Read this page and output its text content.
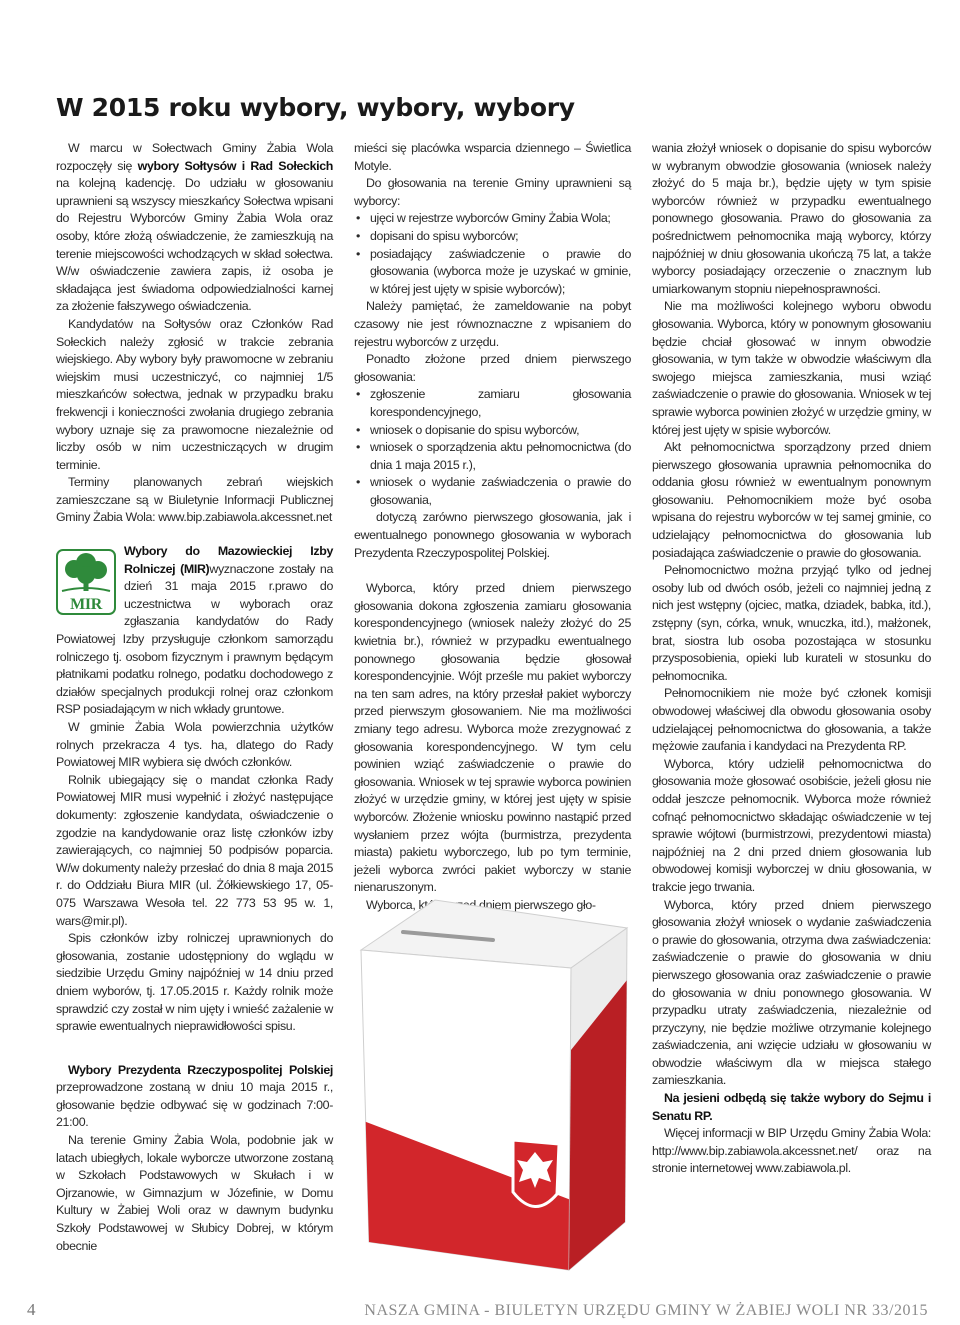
W 2015 roku wybory, wybory, wybory

W marcu w Sołectwach Gminy Żabia Wola rozpoczęły się wybory Sołtysów i Rad Sołeckich na kolejną kadencję. Do udziału w głosowaniu uprawnieni są wszyscy mieszkańcy Sołectwa wpisani do Rejestru Wyborców Gminy Żabia Wola oraz osoby, które złożą oświadczenie, że zamieszkują na terenie miejscowości wchodzących w skład sołectwa. W/w oświadczenie zawiera zapis, iż osoba je składająca jest świadoma odpowiedzialności karnej za złożenie fałszywego oświadczenia.

Kandydatów na Sołtysów oraz Członków Rad Sołeckich należy zgłosić w trakcie zebrania wiejskiego. Aby wybory były prawomocne w zebraniu wiejskim musi uczestniczyć, co najmniej 1/5 mieszkańców sołectwa, jednak w przypadku braku frekwencji i konieczności zwołania drugiego zebrania wybory uznaje się za prawomocne niezależnie od liczby osób w nim uczestniczących w drugim terminie.

Terminy planowanych zebrań wiejskich zamieszczane są w Biuletynie Informacji Publicznej Gminy Żabia Wola: www.bip.zabiawola.akcessnet.net

MIR

Wybory do Mazowieckiej Izby Rolniczej (MIR)wyznaczone zostały na dzień 31 maja 2015 r.prawo do uczestnictwa w wyborach oraz zgłaszania kandydatów do Rady Powiatowej Izby przysługuje członkom samorządu rolniczego tj. osobom fizycznym i prawnym będącym płatnikami podatku rolnego, podatku dochodowego z działów specjalnych produkcji rolnej oraz członkom RSP posiadającym w nich wkłady gruntowe.

W gminie Żabia Wola powierzchnia użytków rolnych przekracza 4 tys. ha, dlatego do Rady Powiatowej MIR wybiera się dwóch członków.

Rolnik ubiegający się o mandat członka Rady Powiatowej MIR musi wypełnić i złożyć następujące dokumenty: zgłoszenie kandydata, oświadczenie o zgodzie na kandydowanie oraz listę członków izby zawierających, co najmniej 50 podpisów poparcia. W/w dokumenty należy przesłać do dnia 8 maja 2015 r. do Oddziału Biura MIR (ul. Żółkiewskiego 17, 05-075 Warszawa Wesoła tel. 22 773 53 95 w. 1, wars@mir.pl).

Spis członków izby rolniczej uprawnionych do głosowania, zostanie udostępniony do wglądu w siedzibie Urzędu Gminy najpóźniej w 14 dniu przed dniem wyborów, tj. 17.05.2015 r. Każdy rolnik może sprawdzić czy został w nim ujęty i wnieść zażalenie w sprawie ewentualnych nieprawidłowości spisu.

Wybory Prezydenta Rzeczypospolitej Polskiej przeprowadzone zostaną w dniu 10 maja 2015 r., głosowanie będzie odbywać się w godzinach 7:00- 21:00.

Na terenie Gminy Żabia Wola, podobnie jak w latach ubiegłych, lokale wyborcze utworzone zostaną w Szkołach Podstawowych w Skułach i w Ojrzanowie, w Gimnazjum w Józefinie, w Domu Kultury w Żabiej Woli oraz w dawnym budynku Szkoły Podstawowej w Słubicy Dobrej, w którym obecnie

mieści się placówka wsparcia dziennego – Świetlica Motyle.

Do głosowania na terenie Gminy uprawnieni są wyborcy:

• ujęci w rejestrze wyborców Gminy Żabia Wola;
• dopisani do spisu wyborców;
• posiadający zaświadczenie o prawie do głosowania (wyborca może je uzyskać w gminie, w której jest ujęty w spisie wyborców);

Należy pamiętać, że zameldowanie na pobyt czasowy nie jest równoznaczne z wpisaniem do rejestru wyborców z urzędu.

Ponadto złożone przed dniem pierwszego głosowania:

• zgłoszenie zamiaru głosowania korespondencyjnego,
• wniosek o dopisanie do spisu wyborców,
• wniosek o sporządzenia aktu pełnomocnictwa (do dnia 1 maja 2015 r.),
• wniosek o wydanie zaświadczenia o prawie do głosowania,

dotyczą zarówno pierwszego głosowania, jak i ewentualnego ponownego głosowania w wyborach Prezydenta Rzeczypospolitej Polskiej.

Wyborca, który przed dniem pierwszego głosowania dokona zgłoszenia zamiaru głosowania korespondencyjnego (wniosek należy złożyć do 25 kwietnia br.), również w przypadku ewentualnego ponownego głosowania będzie głosował korespondencyjnie. Wójt prześle mu pakiet wyborczy na ten sam adres, na który przesłał pakiet wyborczy przed pierwszym głosowaniem. Nie ma możliwości zmiany tego adresu. Wyborca może zrezygnować z głosowania korespondencyjnego. W tym celu powinien wziąć zaświadczenie o prawie do głosowania. Wniosek w tej sprawie wyborca powinien złożyć w urzędzie gminy, w której jest ujęty w spisie wyborców. Złożenie wniosku powinno nastąpić przed wysłaniem przez wójta (burmistrza, prezydenta miasta) pakietu wyborczego, lub po tym terminie, jeżeli wyborca zwróci pakiet wyborczy w stanie nienaruszonym.

Wyborca, który przed dniem pierwszego gło-

wania złożył wniosek o dopisanie do spisu wyborców w wybranym obwodzie głosowania (wniosek należy złożyć do 5 maja br.), będzie ujęty w tym spisie wyborców również w przypadku ewentualnego ponownego głosowania. Prawo do głosowania za pośrednictwem pełnomocnika mają wyborcy, którzy najpóźniej w dniu głosowania ukończą 75 lat, a także wyborcy posiadający orzeczenie o znacznym lub umiarkowanym stopniu niepełnosprawności.

Nie ma możliwości kolejnego wyboru obwodu głosowania. Wyborca, który w ponownym głosowaniu będzie chciał głosować w innym obwodzie głosowania, w tym także w obwodzie właściwym dla swojego miejsca zamieszkania, musi wziąć zaświadczenie o prawie do głosowania. Wniosek w tej sprawie wyborca powinien złożyć w urzędzie gminy, w której jest ujęty w spisie wyborców.

Akt pełnomocnictwa sporządzony przed dniem pierwszego głosowania uprawnia pełnomocnika do oddania głosu również w ewentualnym ponownym głosowaniu. Pełnomocnikiem może być osoba wpisana do rejestru wyborców w tej samej gminie, co udzielający pełnomocnictwa do głosowania lub posiadająca zaświadczenie o prawie do głosowania.

Pełnomocnictwo można przyjąć tylko od jednej osoby lub od dwóch osób, jeżeli co najmniej jedną z nich jest wstępny (ojciec, matka, dziadek, babka, itd.), zstępny (syn, córka, wnuk, wnuczka, itd.), małżonek, brat, siostra lub osoba pozostająca w stosunku przysposobienia, opieki lub kurateli w stosunku do pełnomocnika.

Pełnomocnikiem nie może być członek komisji obwodowej właściwej dla obwodu głosowania osoby udzielającej pełnomocnictwa do głosowania, a także mężowie zaufania i kandydaci na Prezydenta RP.

Wyborca, który udzielił pełnomocnictwa do głosowania może głosować osobiście, jeżeli głosu nie oddał jeszcze pełnomocnik. Wyborca może również cofnąć pełnomocnictwo składając oświadczenie w tej sprawie wójtowi (burmistrzowi, prezydentowi miasta) najpóźniej na 2 dni przed dniem głosowania lub obwodowej komisji wyborczej w dniu głosowania, w trakcie jego trwania.

Wyborca, który przed dniem pierwszego głosowania złożył wniosek o wydanie zaświadczenia o prawie do głosowania, otrzyma dwa zaświadczenia: zaświadczenie o prawie do głosowania w dniu pierwszego głosowania oraz zaświadczenie o prawie do głosowania w dniu ponownego głosowania. W przypadku utraty zaświadczenia, niezależnie od przyczyny, nie będzie możliwe otrzymanie kolejnego zaświadczenia, ani wzięcie udziału w głosowaniu w obwodzie właściwym dla w miejsca stałego zamieszkania.

Na jesieni odbędą się także wybory do Sejmu i Senatu RP.

Więcej informacji w BIP Urzędu Gminy Żabia Wola: http://www.bip.zabiawola.akcessnet.net/ oraz na stronie internetowej www.zabiawola.pl.

4	NASZA GMINA - BIULETYN URZĘDU GMINY W ŻABIEJ WOLI NR 33/2015
